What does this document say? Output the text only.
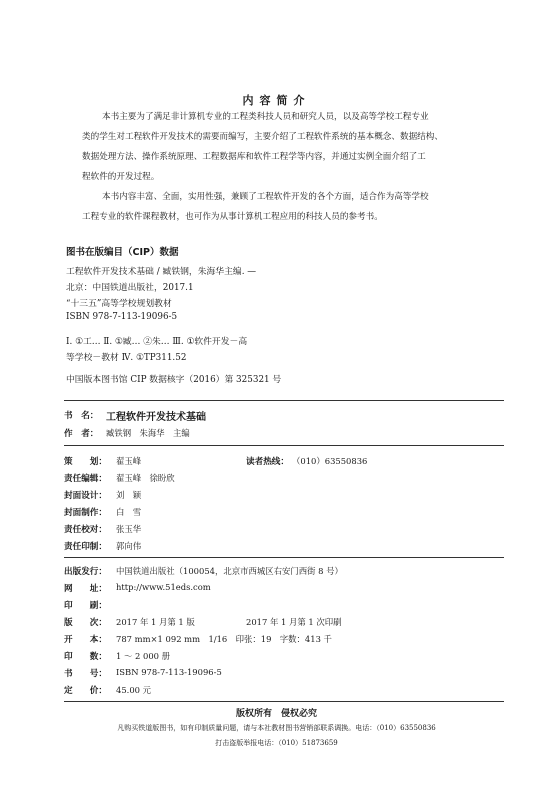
内容简介
本书主要为了满足非计算机专业的工程类科技人员和研究人员，以及高等学校工程专业
类的学生对工程软件开发技术的需要而编写，主要介绍了工程软件系统的基本概念、数据结构、
数据处理方法、操作系统原理、工程数据库和软件工程学等内容，并通过实例全面介绍了工
程软件的开发过程。
本书内容丰富、全面，实用性强，兼顾了工程软件开发的各个方面，适合作为高等学校
工程专业的软件课程教材，也可作为从事计算机工程应用的科技人员的参考书。
图书在版编目（CIP）数据
工程软件开发技术基础 / 臧铁钢，朱海华主编. —
北京：中国铁道出版社，2017.1
“十三五”高等学校规划教材
ISBN 978-7-113-19096-5
Ⅰ. ①工… Ⅱ. ①臧… ②朱… Ⅲ. ①软件开发－高
等学校－教材 Ⅳ. ①TP311.52
中国版本图书馆 CIP 数据核字（2016）第 325321 号
书　名： 工程软件开发技术基础
作　者： 臧铁钢　朱海华　主编
策　　划： 翟玉峰	读者热线： （010）63550836
责任编辑： 翟玉峰　徐盼欣
封面设计： 刘　颖
封面制作： 白　雪
责任校对： 张玉华
责任印制： 郭向伟
出版发行： 中国铁道出版社（100054，北京市西城区右安门西街 8 号）
网　　址： http://www.51eds.com
印　　刷：
版　　次： 2017 年 1 月第 1 版	2017 年 1 月第 1 次印刷
开　　本： 787 mm×1 092 mm　1/16　印张：19　字数：413 千
印　　数： 1 ～ 2 000 册
书　　号： ISBN 978-7-113-19096-5
定　　价： 45.00 元
版权所有　侵权必究
凡购买铁道版图书，如有印制质量问题，请与本社教材图书营销部联系调换。电话：（010）63550836
打击盗版举报电话：（010）51873659
